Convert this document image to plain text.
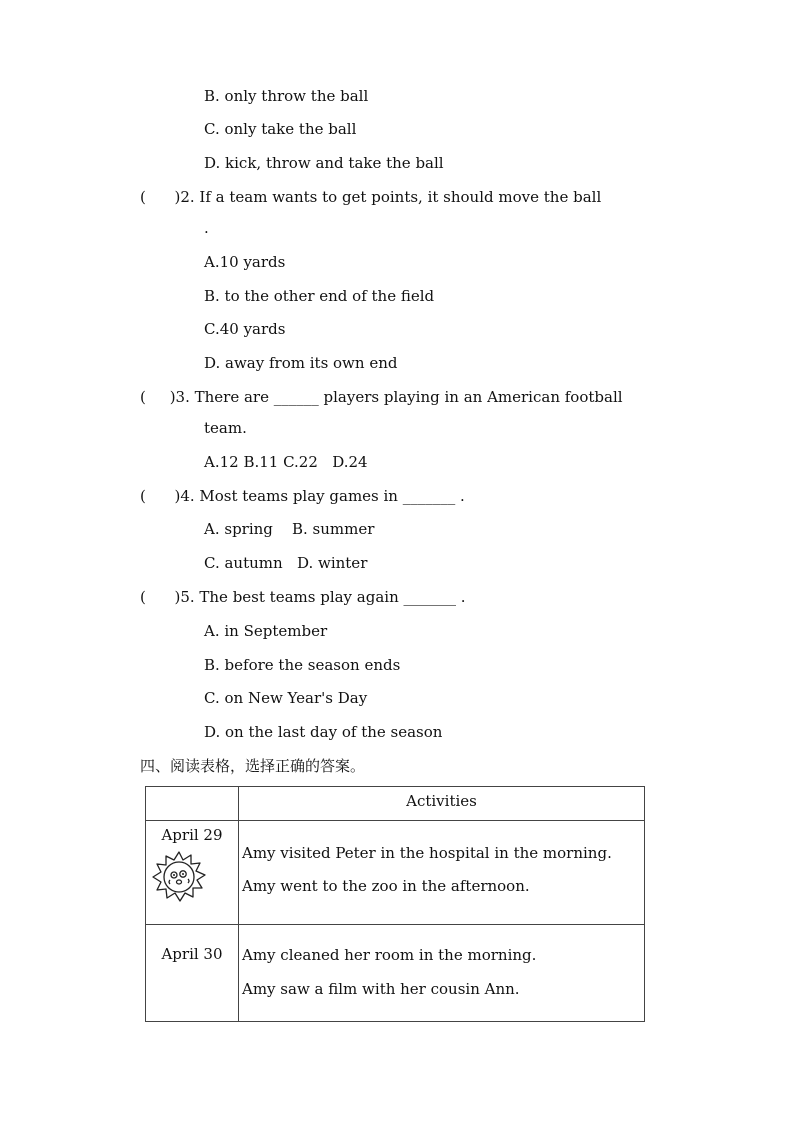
B. only throw the ball
C. only take the ball
D. kick, throw and take the ball
(      )2. If a team wants to get points, it should move the ball
.
A.10 yards
B. to the other end of the field
C.40 yards
D. away from its own end
(     )3. There are ______ players playing in an American football
team.
A.12 B.11 C.22   D.24
(      )4. Most teams play games in _______ .
A. spring    B. summer
C. autumn   D. winter
(      )5. The best teams play again _______ .
A. in September
B. before the season ends
C. on New Year's Day
D. on the last day of the season
四、阅读表格，选择正确的答案。

	Activities

April 29	Amy visited Peter in the hospital in the morning.
Amy went to the zoo in the afternoon.

April 30	Amy cleaned her room in the morning.
Amy saw a film with her cousin Ann.
